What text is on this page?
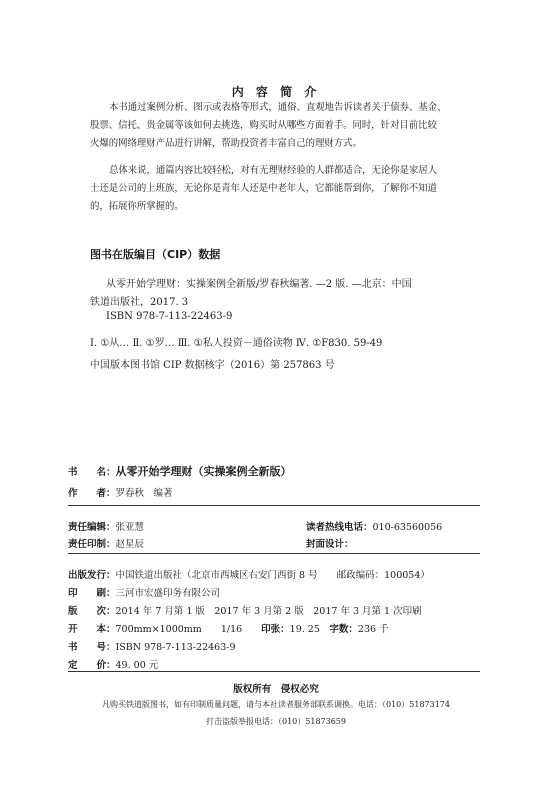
内 容 简 介
本书通过案例分析、图示或表格等形式，通俗、直观地告诉读者关于债券、基金、
股票、信托、贵金属等该如何去挑选，购买时从哪些方面着手。同时，针对目前比较
火爆的网络理财产品进行讲解，帮助投资者丰富自己的理财方式。
总体来说，通篇内容比较轻松，对有无理财经验的人群都适合，无论你是家居人
士还是公司的上班族，无论你是青年人还是中老年人，它都能帮到你，了解你不知道
的，拓展你所掌握的。
图书在版编目（CIP）数据
从零开始学理财：实操案例全新版/罗春秋编著. —2 版. —北京：中国
铁道出版社，2017. 3
ISBN 978-7-113-22463-9
Ⅰ. ①从… Ⅱ. ①罗… Ⅲ. ①私人投资－通俗读物 Ⅳ. ①F830. 59-49
中国版本图书馆 CIP 数据核字（2016）第 257863 号
书　　名：从零开始学理财（实操案例全新版）
作　　者：罗春秋　编著
责任编辑：张亚慧	读者热线电话：010-63560056
责任印制：赵星辰	封面设计：
出版发行：中国铁道出版社（北京市西城区右安门西街 8 号　　邮政编码：100054）
印　　刷：三河市宏盛印务有限公司
版　　次：2014 年 7 月第 1 版　2017 年 3 月第 2 版　2017 年 3 月第 1 次印刷
开　　本：700mm×1000mm　　1/16　　印张：19. 25　字数：236 千
书　　号：ISBN 978-7-113-22463-9
定　　价：49. 00 元
版权所有　侵权必究
凡购买铁道版图书，如有印制质量问题，请与本社读者服务部联系调换。电话：（010）51873174
打击盗版举报电话：（010）51873659
